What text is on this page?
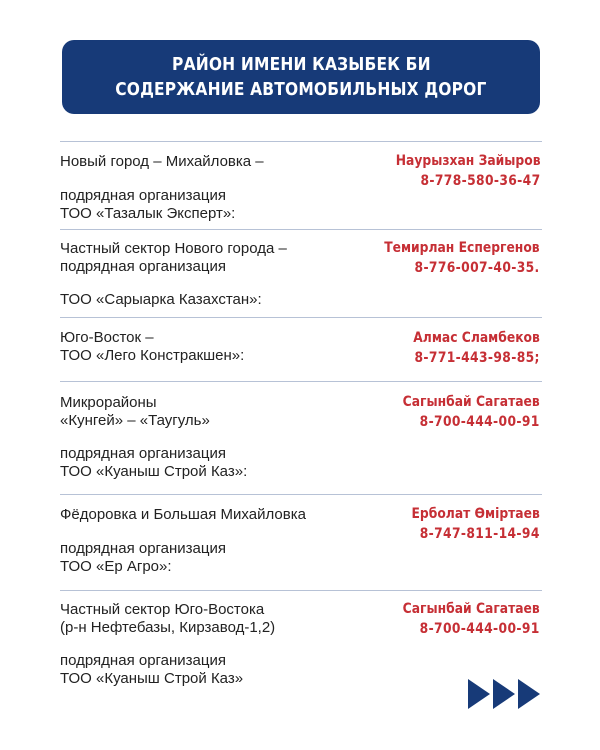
РАЙОН ИМЕНИ КАЗЫБЕК БИ
СОДЕРЖАНИЕ АВТОМОБИЛЬНЫХ ДОРОГ
Новый город – Михайловка –
подрядная организация
ТОО «Тазалык Эксперт»:
Наурызхан Зайыров
8-778-580-36-47
Частный сектор Нового города –
подрядная организация
ТОО «Сарыарка Казахстан»:
Темирлан Еспергенов
8-776-007-40-35.
Юго-Восток –
ТОО «Лего Констракшен»:
Алмас Сламбеков
8-771-443-98-85;
Микрорайоны
«Кунгей» – «Таугуль»
подрядная организация
ТОО «Куаныш Строй Каз»:
Сагынбай Сагатаев
8-700-444-00-91
Фёдоровка и Большая Михайловка
подрядная организация
ТОО «Ер Агро»:
Ерболат Өміртаев
8-747-811-14-94
Частный сектор Юго-Востока
(р-н Нефтебазы, Кирзавод-1,2)
подрядная организация
ТОО «Куаныш Строй Каз»
Сагынбай Сагатаев
8-700-444-00-91
